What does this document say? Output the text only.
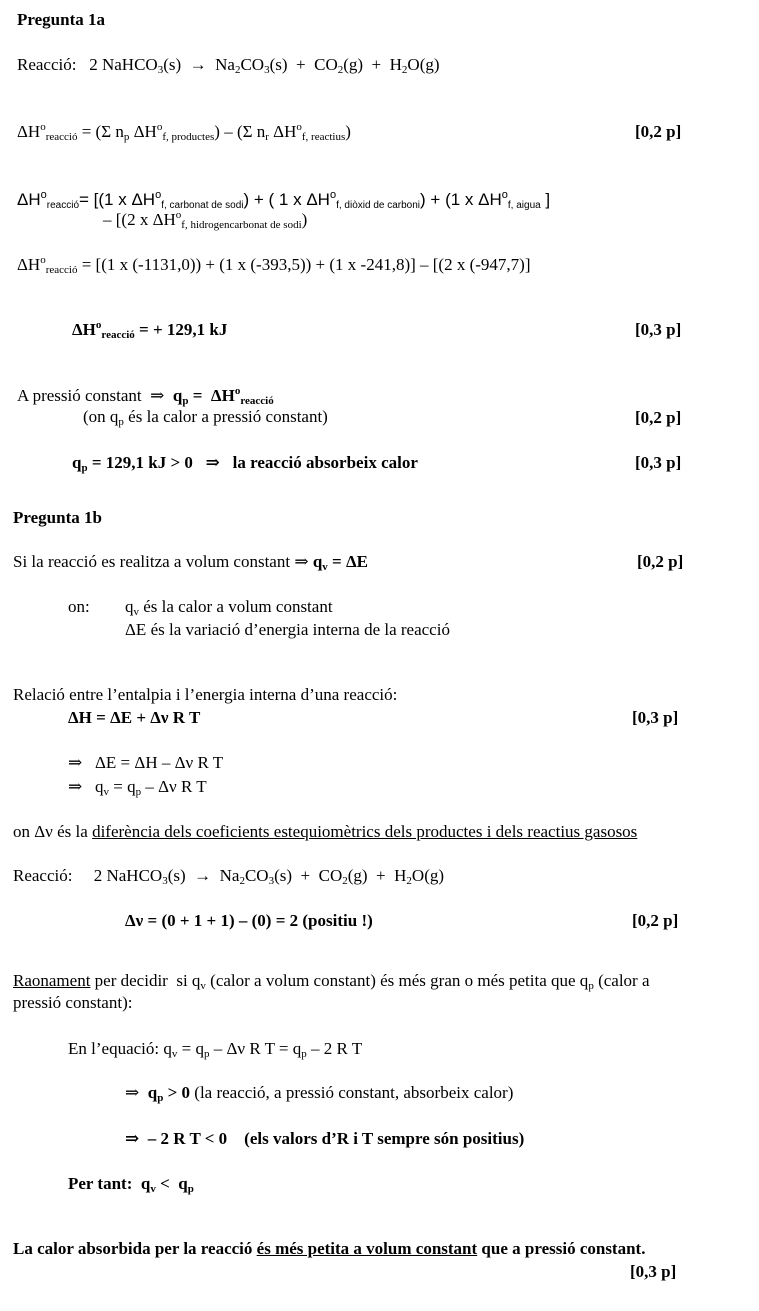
Pregunta 1a
Reacció:   2 NaHCO$_3$(s)  →  $Na_2CO_3(s) + CO_2(g) + H_2O(g)$
$\Delta H^o_{reacció} = (\Sigma$ $n_p$ $\Delta H^o_{f, productes}) - (\Sigma$ $n_r$ $\Delta H^o_{f, reactius}$)	[0,2 p]
$\Delta H^o_{reacció}= [(1$ x $\Delta H^o_{f, carbonat de sodi}$) + ( 1 x $\Delta H^o_{f, diòxid de carboni}) + (1$ x $\Delta H^o_{f, aigua}$ ]
– [(2 x $\Delta H^o_{f, hidrogencarbonat de sodi}$)
$\Delta H^o_{reacció} = [(1$ x (-1131,0)) + (1 x (-393,5)) + (1 x -241,8)] – [(2 x (-947,7)]
$\Delta H^o_{reacció}$ = + 129,1 kJ	[0,3 p]
A pressió constant  ⇒  $q_p = \Delta H^o_{reacció}$
(on $q_p$ és la calor a pressió constant)	[0,2 p]
$q_p = 129,1$ kJ > 0   ⇒   la reacció absorbeix calor	[0,3 p]
Pregunta 1b
Si la reacció es realitza a volum constant ⇒ $q_v = \Delta E$	[0,2 p]
on: $q_v$ és la calor a volum constant
ΔE és la variació d’energia interna de la reacció
Relació entre l’entalpia i l’energia interna d’una reacció:
ΔH = ΔE + Δν R T	[0,3 p]
⇒   ΔE = ΔH – Δν R T
⇒   $q_v = q_p - \Delta\nu$ R T
on Δν és la diferència dels coeficients estequiomètrics dels productes i dels reactius gasosos
Reacció:     2 NaHCO$_3$(s)  →  $Na_2CO_3(s) + CO_2(g) + H_2O(g)$
Δν = (0 + 1 + 1) – (0) = 2 (positiu !)	[0,2 p]
Raonament per decidir  si $q_v$ (calor a volum constant) és més gran o més petita que $q_p$ (calor a
pressió constant):
En l’equació: $q_v = q_p - \Delta\nu$ R $T = q_p - 2$ R T
⇒  $q_p > 0$ (la reacció, a pressió constant, absorbeix calor)
⇒  – 2 R T < 0    (els valors d’R i T sempre són positius)
Per tant:  $q_v < q_p$
La calor absorbida per la reacció és més petita a volum constant que a pressió constant.
[0,3 p]
